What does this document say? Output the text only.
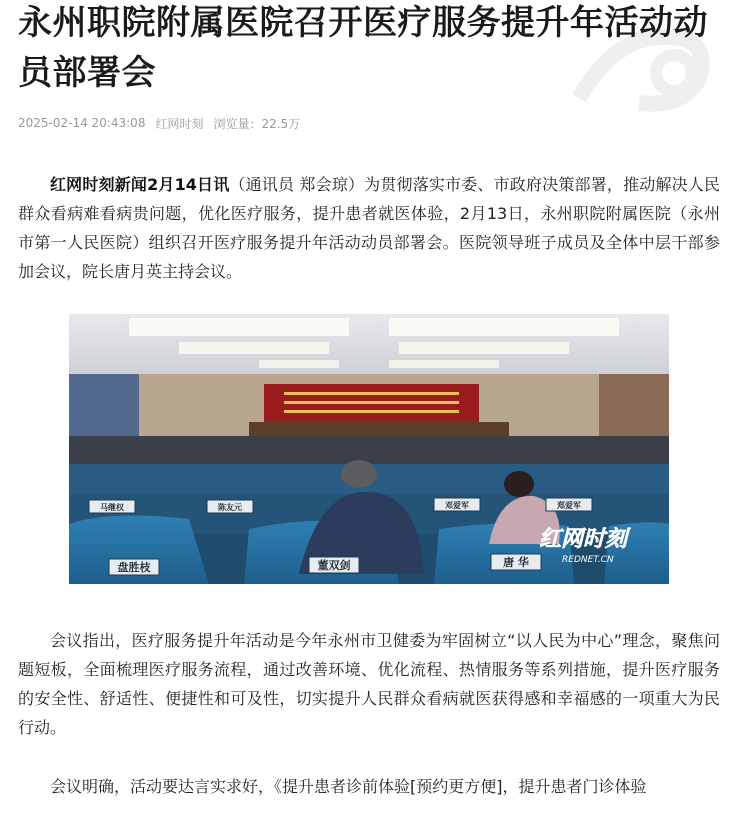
永州职院附属医院召开医疗服务提升年活动动员部署会
2025-02-14 20:43:08 红网时刻 浏览量：22.5万

红网时刻新闻2月14日讯（通讯员 郑会琼）为贯彻落实市委、市政府决策部署，推动解决人民群众看病难看病贵问题，优化医疗服务，提升患者就医体验，2月13日，永州职院附属医院（永州市第一人民医院）组织召开医疗服务提升年活动动员部署会。医院领导班子成员及全体中层干部参加会议，院长唐月英主持会议。

盘胜枝	董双剑	唐 华
马继权	陈友元	邓爱军	郑爱军
红网时刻
REDNET.CN

会议指出，医疗服务提升年活动是今年永州市卫健委为牢固树立“以人民为中心”理念，聚焦问题短板，全面梳理医疗服务流程，通过改善环境、优化流程、热情服务等系列措施，提升医疗服务的安全性、舒适性、便捷性和可及性，切实提升人民群众看病就医获得感和幸福感的一项重大为民行动。

会议明确，活动要达言实求好，《提升患者诊前体验[预约更方便]，提升患者门诊体验
